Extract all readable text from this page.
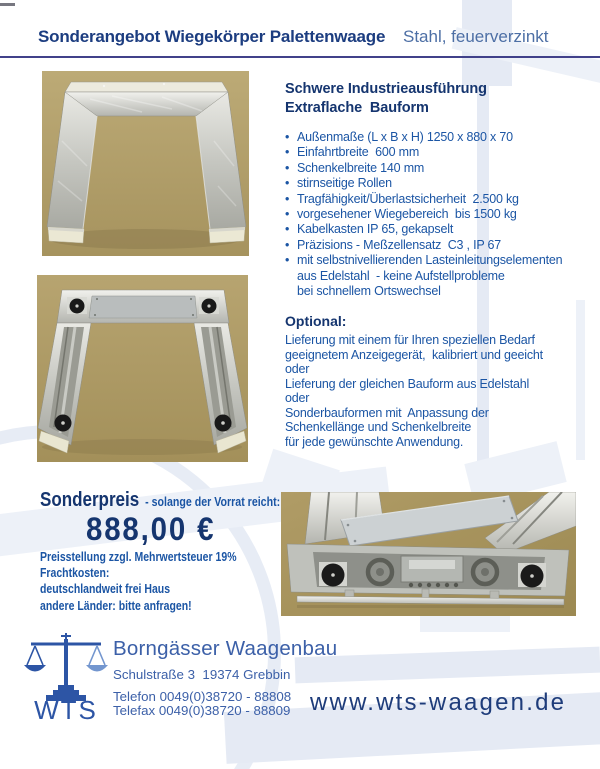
Sonderangebot Wiegekörper Palettenwaage Stahl, feuerverzinkt
Schwere Industrieausführung
Extraflache  Bauform
• Außenmaße (L x B x H) 1250 x 880 x 70
• Einfahrtbreite  600 mm
• Schenkelbreite 140 mm
• stirnseitige Rollen
• Tragfähigkeit/Überlastsicherheit  2.500 kg
• vorgesehener Wiegebereich  bis 1500 kg
• Kabelkasten IP 65, gekapselt
• Präzisions - Meßzellensatz  C3 , IP 67
• mit selbstnivellierenden Lasteinleitungselementen
aus Edelstahl  - keine Aufstellprobleme
bei schnellem Ortswechsel
Optional:
Lieferung mit einem für Ihren speziellen Bedarf
geeignetem Anzeigegerät,  kalibriert und geeicht
oder
Lieferung der gleichen Bauform aus Edelstahl
oder
Sonderbauformen mit  Anpassung der
Schenkellänge und Schenkelbreite
für jede gewünschte Anwendung.
Sonderpreis - solange der Vorrat reicht:
888,00 €
Preisstellung zzgl. Mehrwertsteuer 19%
Frachtkosten:
deutschlandweit frei Haus
andere Länder: bitte anfragen!
WTS
Borngässer Waagenbau
Schulstraße 3  19374 Grebbin
Telefon 0049(0)38720 - 88808
Telefax 0049(0)38720 - 88809 www.wts-waagen.de
